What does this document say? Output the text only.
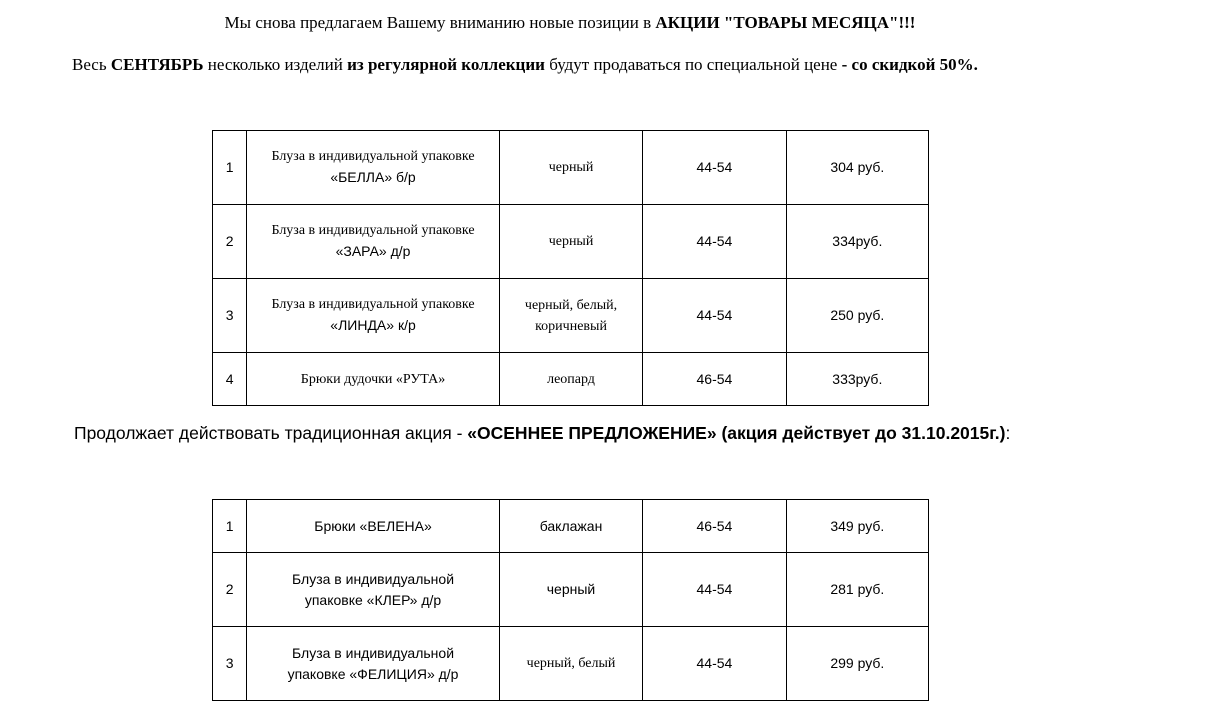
Мы снова предлагаем Вашему вниманию новые позиции в АКЦИИ "ТОВАРЫ МЕСЯЦА"!!!
Весь СЕНТЯБРЬ несколько изделий из регулярной коллекции будут продаваться по специальной цене - со скидкой 50%.
1	Блуза в индивидуальной упаковке
«БЕЛЛА» б/р	черный	44-54	304 руб.
2	Блуза в индивидуальной упаковке
«ЗАРА» д/р	черный	44-54	334руб.
3	Блуза в индивидуальной упаковке
«ЛИНДА» к/р	черный, белый,
коричневый	44-54	250 руб.
4	Брюки дудочки «РУТА»	леопард	46-54	333руб.
Продолжает действовать традиционная акция - «ОСЕННЕЕ ПРЕДЛОЖЕНИЕ» (акция действует до 31.10.2015г.):
1	Брюки «ВЕЛЕНА»	баклажан	46-54	349 руб.
2	Блуза в индивидуальной
упаковке «КЛЕР» д/р	черный	44-54	281 руб.
3	Блуза в индивидуальной
упаковке «ФЕЛИЦИЯ» д/р	черный, белый	44-54	299 руб.
